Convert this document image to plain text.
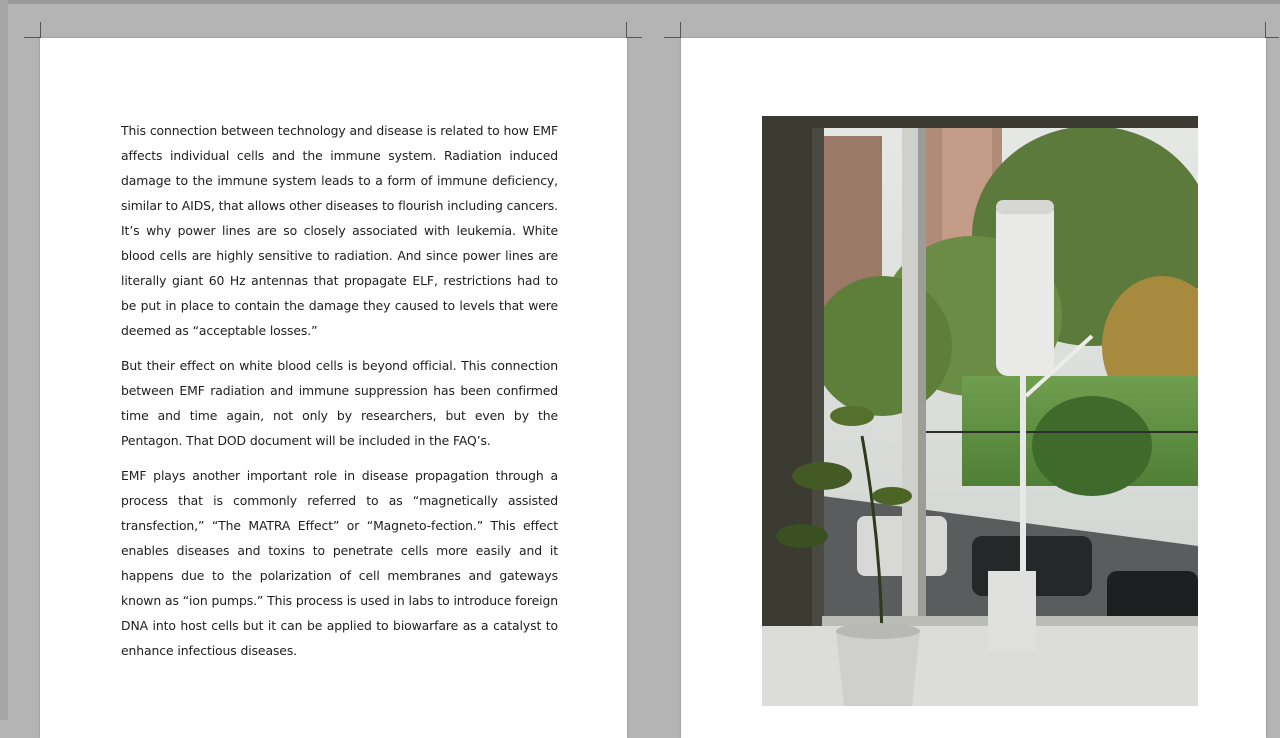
This connection between technology and disease is related to how EMF affects individual cells and the immune system. Radiation induced damage to the immune system leads to a form of immune deficiency, similar to AIDS, that allows other diseases to flourish including cancers. It’s why power lines are so closely associated with leukemia. White blood cells are highly sensitive to radiation. And since power lines are literally giant 60 Hz antennas that propagate ELF, restrictions had to be put in place to contain the damage they caused to levels that were deemed as “acceptable losses.”

But their effect on white blood cells is beyond official. This connection between EMF radiation and immune suppression has been confirmed time and time again, not only by researchers, but even by the Pentagon. That DOD document will be included in the FAQ’s.

EMF plays another important role in disease propagation through a process that is commonly referred to as “magnetically assisted transfection,” “The MATRA Effect” or “Magneto-fection.” This effect enables diseases and toxins to penetrate cells more easily and it happens due to the polarization of cell membranes and gateways known as “ion pumps.” This process is used in labs to introduce foreign DNA into host cells but it can be applied to biowarfare as a catalyst to enhance infectious diseases.
